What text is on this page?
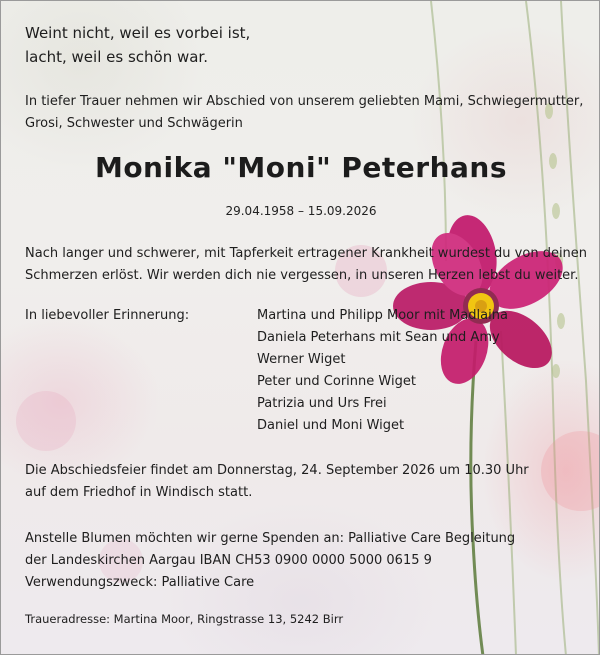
Weint nicht, weil es vorbei ist,
lacht, weil es schön war.
In tiefer Trauer nehmen wir Abschied von unserem geliebten Mami, Schwiegermutter,
Grosi, Schwester und Schwägerin
Monika "Moni" Peterhans
29.04.1958 – 15.09.2026
Nach langer und schwerer, mit Tapferkeit ertragener Krankheit wurdest du von deinen
Schmerzen erlöst. Wir werden dich nie vergessen, in unseren Herzen lebst du weiter.
In liebevoller Erinnerung:	Martina und Philipp Moor mit Madlaina
Daniela Peterhans mit Sean und Amy
Werner Wiget
Peter und Corinne Wiget
Patrizia und Urs Frei
Daniel und Moni Wiget
Die Abschiedsfeier findet am Donnerstag, 24. September 2026 um 10.30 Uhr
auf dem Friedhof in Windisch statt.
Anstelle Blumen möchten wir gerne Spenden an: Palliative Care Begleitung
der Landeskirchen Aargau IBAN CH53 0900 0000 5000 0615 9
Verwendungszweck: Palliative Care
Traueradresse: Martina Moor, Ringstrasse 13, 5242 Birr
